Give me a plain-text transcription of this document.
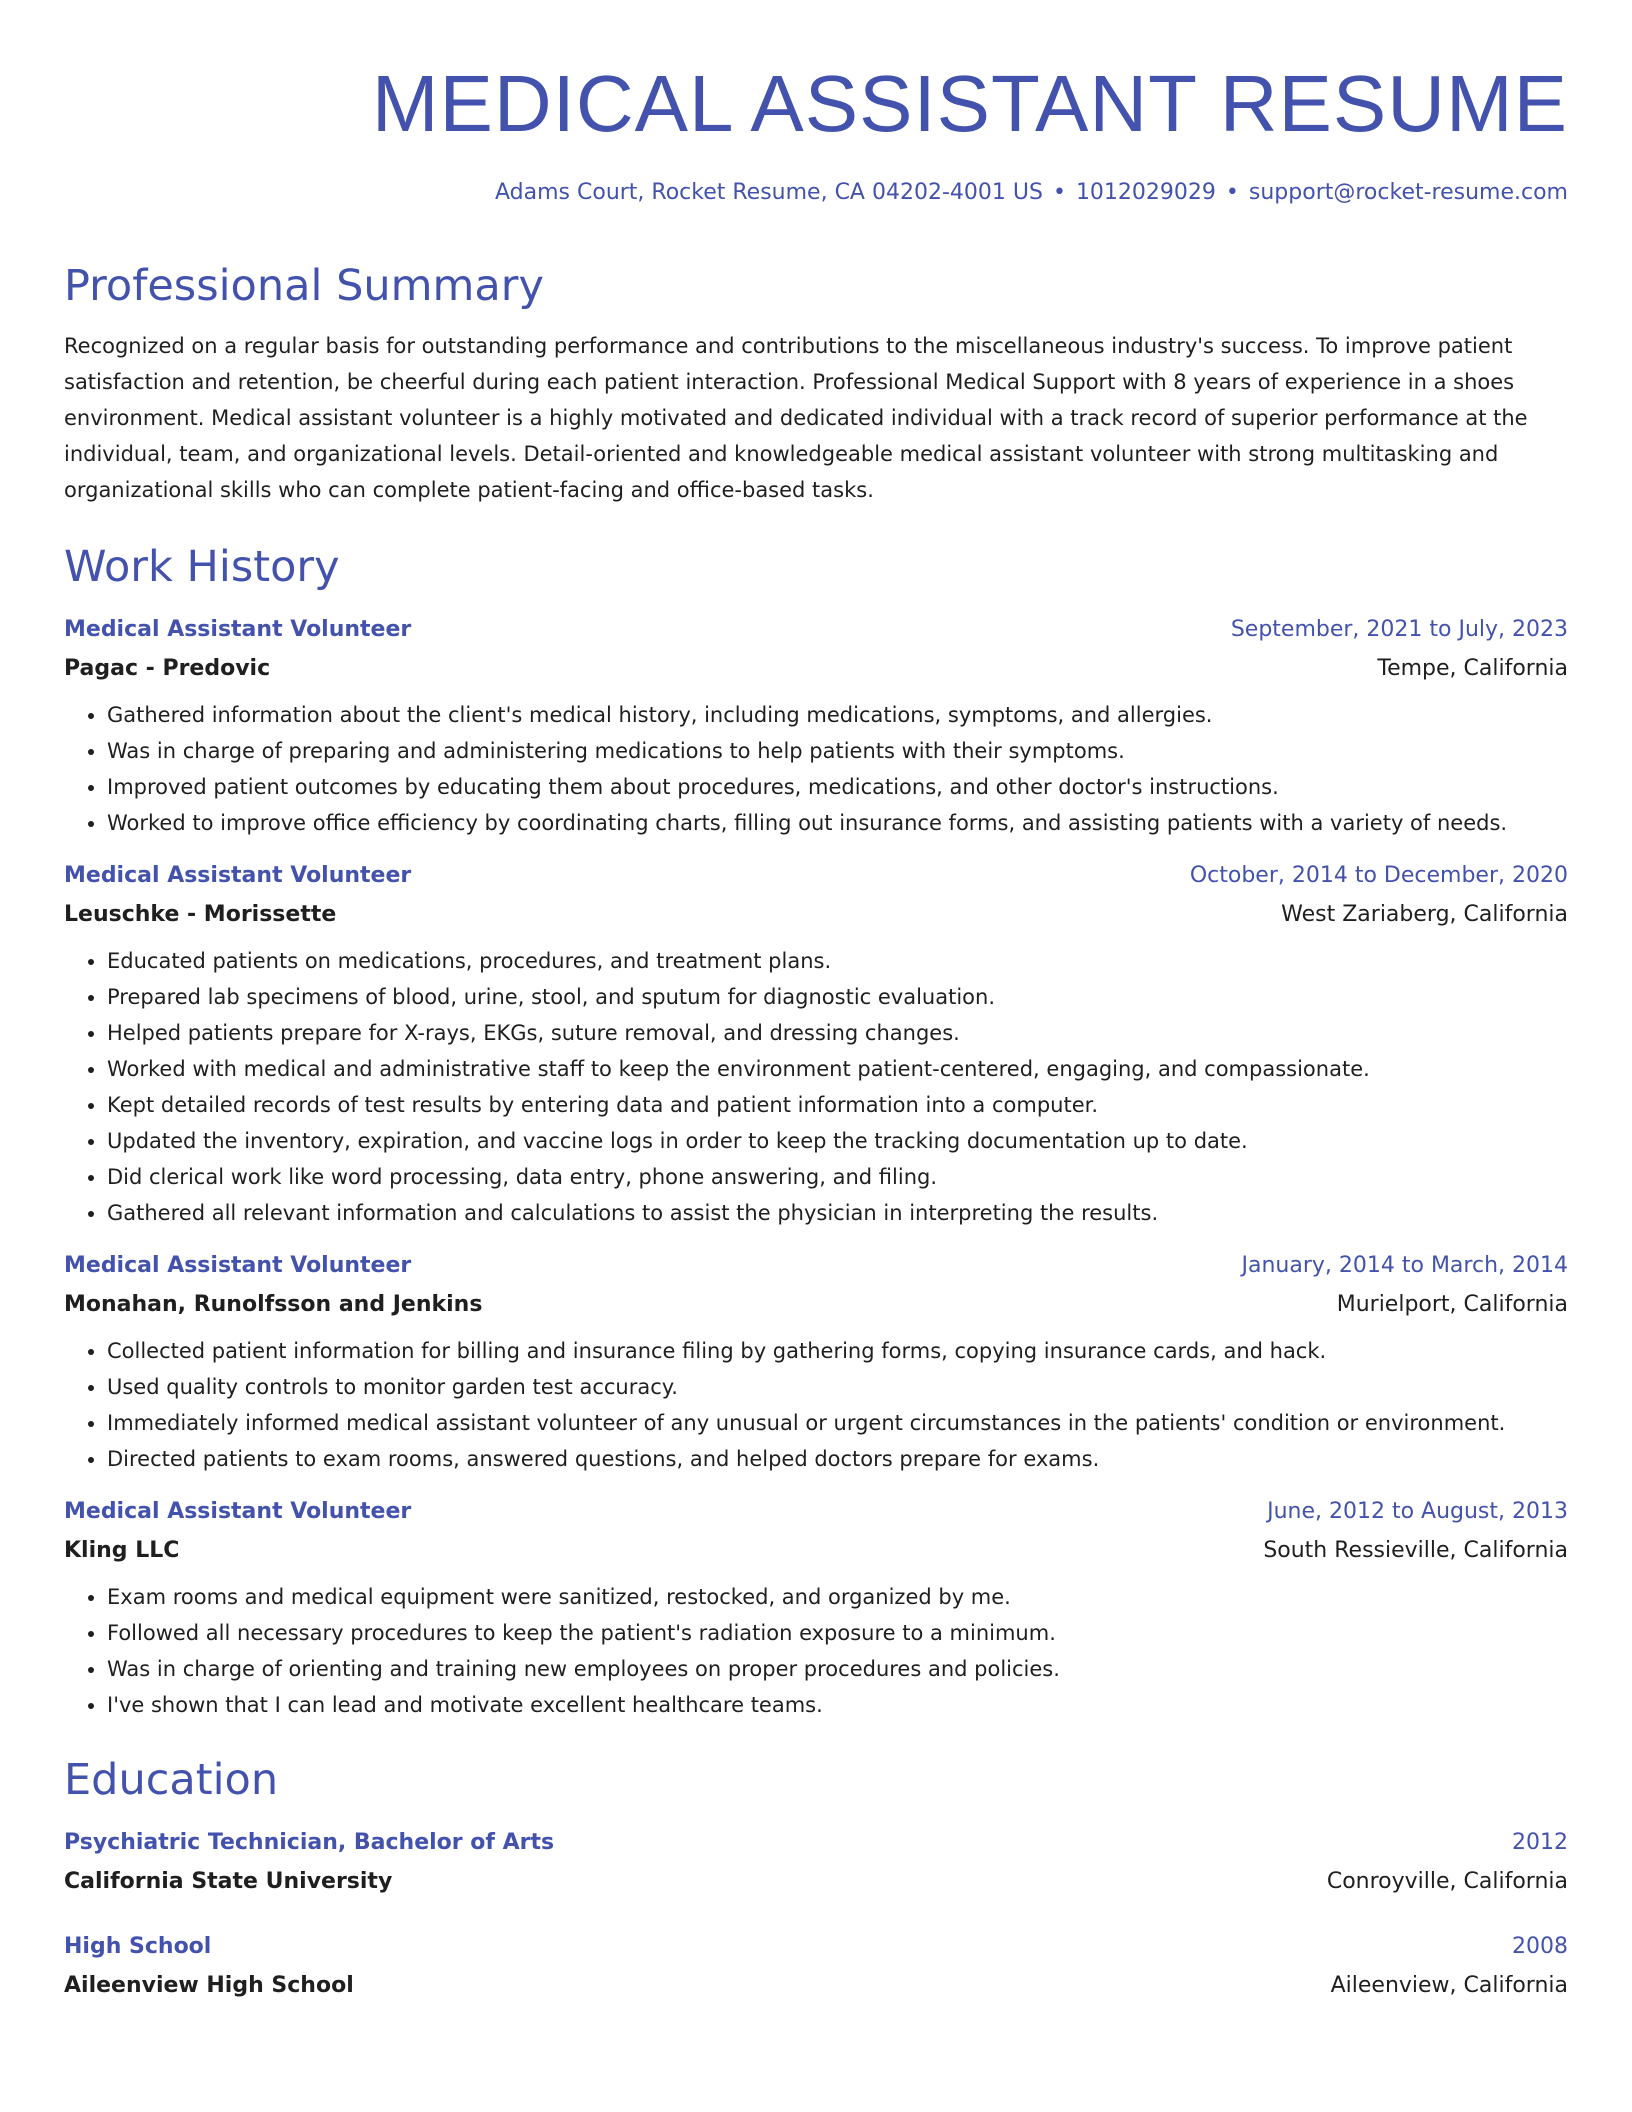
MEDICAL ASSISTANT RESUME
Adams Court, Rocket Resume, CA 04202-4001 US • 1012029029 • support@rocket-resume.com
Professional Summary

Recognized on a regular basis for outstanding performance and contributions to the miscellaneous industry's success. To improve patient satisfaction and retention, be cheerful during each patient interaction. Professional Medical Support with 8 years of experience in a shoes environment. Medical assistant volunteer is a highly motivated and dedicated individual with a track record of superior performance at the individual, team, and organizational levels. Detail-oriented and knowledgeable medical assistant volunteer with strong multitasking and organizational skills who can complete patient-facing and office-based tasks.

Work History
Medical Assistant Volunteer	September, 2021 to July, 2023
Pagac - Predovic	Tempe, California
• Gathered information about the client's medical history, including medications, symptoms, and allergies.
• Was in charge of preparing and administering medications to help patients with their symptoms.
• Improved patient outcomes by educating them about procedures, medications, and other doctor's instructions.
• Worked to improve office efficiency by coordinating charts, filling out insurance forms, and assisting patients with a variety of needs.
Medical Assistant Volunteer	October, 2014 to December, 2020
Leuschke - Morissette	West Zariaberg, California
• Educated patients on medications, procedures, and treatment plans.
• Prepared lab specimens of blood, urine, stool, and sputum for diagnostic evaluation.
• Helped patients prepare for X-rays, EKGs, suture removal, and dressing changes.
• Worked with medical and administrative staff to keep the environment patient-centered, engaging, and compassionate.
• Kept detailed records of test results by entering data and patient information into a computer.
• Updated the inventory, expiration, and vaccine logs in order to keep the tracking documentation up to date.
• Did clerical work like word processing, data entry, phone answering, and filing.
• Gathered all relevant information and calculations to assist the physician in interpreting the results.
Medical Assistant Volunteer	January, 2014 to March, 2014
Monahan, Runolfsson and Jenkins	Murielport, California
• Collected patient information for billing and insurance filing by gathering forms, copying insurance cards, and hack.
• Used quality controls to monitor garden test accuracy.
• Immediately informed medical assistant volunteer of any unusual or urgent circumstances in the patients' condition or environment.
• Directed patients to exam rooms, answered questions, and helped doctors prepare for exams.
Medical Assistant Volunteer	June, 2012 to August, 2013
Kling LLC	South Ressieville, California
• Exam rooms and medical equipment were sanitized, restocked, and organized by me.
• Followed all necessary procedures to keep the patient's radiation exposure to a minimum.
• Was in charge of orienting and training new employees on proper procedures and policies.
• I've shown that I can lead and motivate excellent healthcare teams.
Education
Psychiatric Technician, Bachelor of Arts	2012
California State University	Conroyville, California
High School	2008
Aileenview High School	Aileenview, California
